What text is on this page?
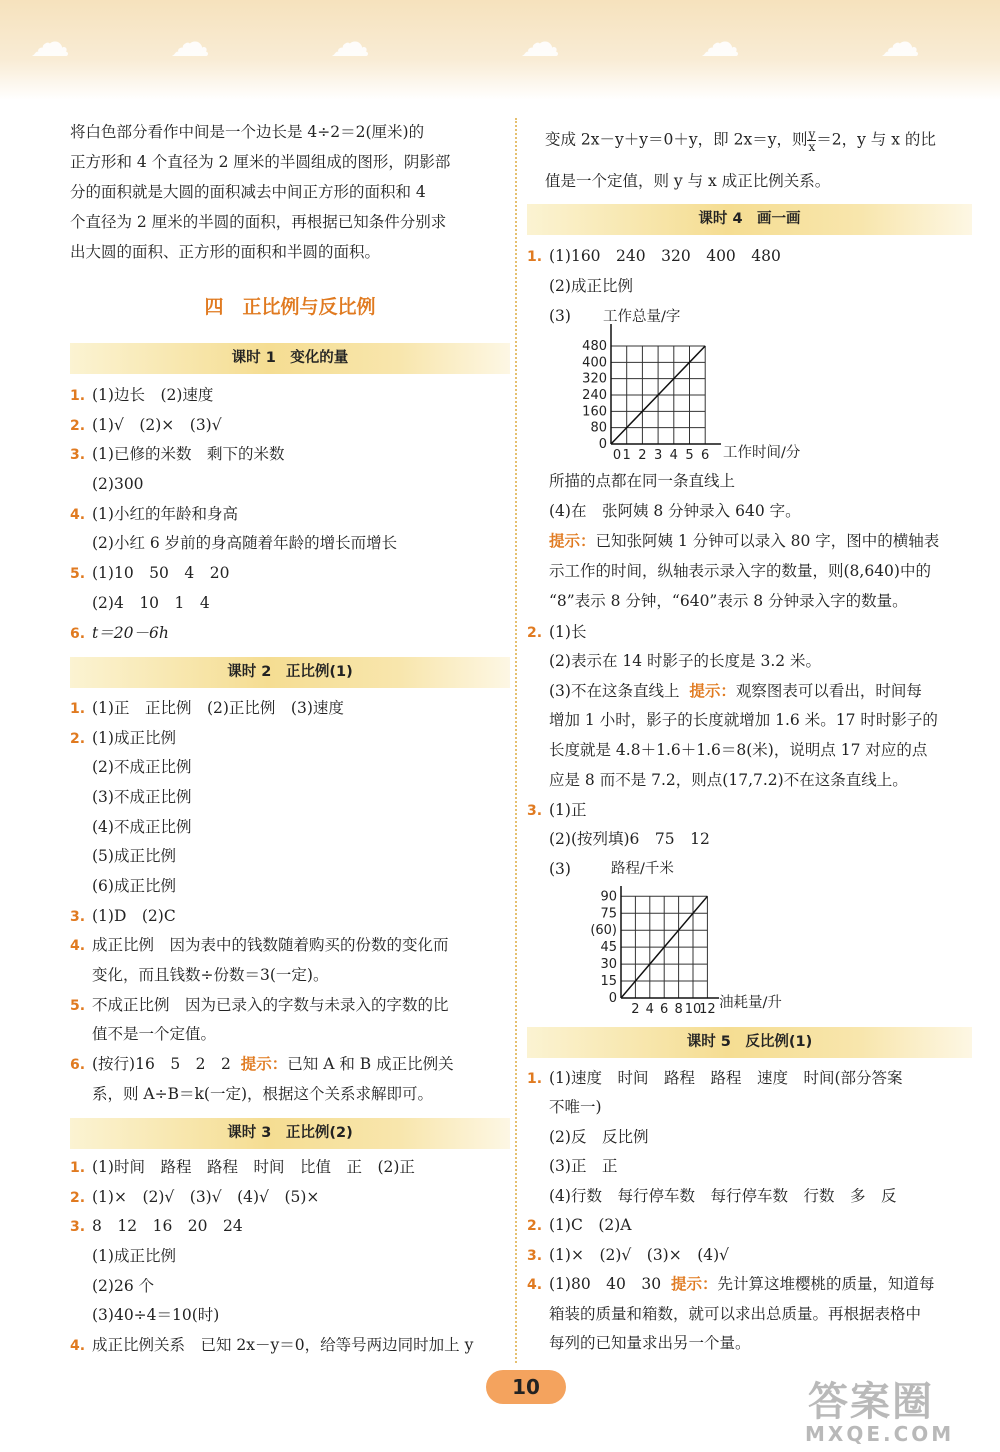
☁	☁	☁	☁	☁	☁
将白色部分看作中间是一个边长是 4÷2＝2(厘米)的
正方形和 4 个直径为 2 厘米的半圆组成的图形，阴影部
分的面积就是大圆的面积减去中间正方形的面积和 4
个直径为 2 厘米的半圆的面积，再根据已知条件分别求
出大圆的面积、正方形的面积和半圆的面积。
四　正比例与反比例
课时 1　变化的量
1. (1)边长　(2)速度
2. (1)√　(2)×　(3)√
3. (1)已修的米数　剩下的米数
(2)300
4. (1)小红的年龄和身高
(2)小红 6 岁前的身高随着年龄的增长而增长
5. (1)10　50　4　20
(2)4　10　1　4
6. t＝20－6h
课时 2　正比例(1)
1. (1)正　正比例　(2)正比例　(3)速度
2. (1)成正比例
(2)不成正比例
(3)不成正比例
(4)不成正比例
(5)成正比例
(6)成正比例
3. (1)D　(2)C
4. 成正比例　因为表中的钱数随着购买的份数的变化而
变化，而且钱数÷份数＝3(一定)。
5. 不成正比例　因为已录入的字数与未录入的字数的比
值不是一个定值。
6. (按行)16　5　2　2 提示：已知 A 和 B 成正比例关
系，则 A÷B＝k(一定)，根据这个关系求解即可。
课时 3　正比例(2)
1. (1)时间　路程　路程　时间　比值　正　(2)正
2. (1)×　(2)√　(3)√　(4)√　(5)×
3. 8　12　16　20　24
(1)成正比例
(2)26 个
(3)40÷4＝10(时)
4. 成正比例关系　已知 2x－y＝0，给等号两边同时加上 y
变成 2x－y＋y＝0＋y，即 2x＝y，则 $\frac{y}{x} =2$，y 与 x 的比
值是一个定值，则 y 与 x 成正比例关系。
课时 4　画一画
1. (1)160　240　320　400　480
(2)成正比例
(3)
0
80
160
240
320
400
480
0 1 2 3 4 5 6
工作总量/字
工作时间/分
所描的点都在同一条直线上
(4)在　张阿姨 8 分钟录入 640 字。
提示：已知张阿姨 1 分钟可以录入 80 字，图中的横轴表
示工作的时间，纵轴表示录入字的数量，则(8,640)中的
“8”表示 8 分钟，“640”表示 8 分钟录入字的数量。
2. (1)长
(2)表示在 14 时影子的长度是 3.2 米。
(3)不在这条直线上 提示：观察图表可以看出，时间每
增加 1 小时，影子的长度就增加 1.6 米。17 时时影子的
长度就是 4.8＋1.6＋1.6＝8(米)，说明点 17 对应的点
应是 8 而不是 7.2，则点(17,7.2)不在这条直线上。
3. (1)正
(2)(按列填)6　75　12
(3)
0
15
30
45
(60)
75
90
2 4 6 8 10
12
路程/千米
油耗量/升
课时 5　反比例(1)
1. (1)速度　时间　路程　路程　速度　时间(部分答案
不唯一)
(2)反　反比例
(3)正　正
(4)行数　每行停车数　每行停车数　行数　多　反
2. (1)C　(2)A
3. (1)×　(2)√　(3)×　(4)√
4. (1)80　40　30 提示：先计算这堆樱桃的质量，知道每
箱装的质量和箱数，就可以求出总质量。再根据表格中
每列的已知量求出另一个量。
10	答案圈
MXQE.COM
